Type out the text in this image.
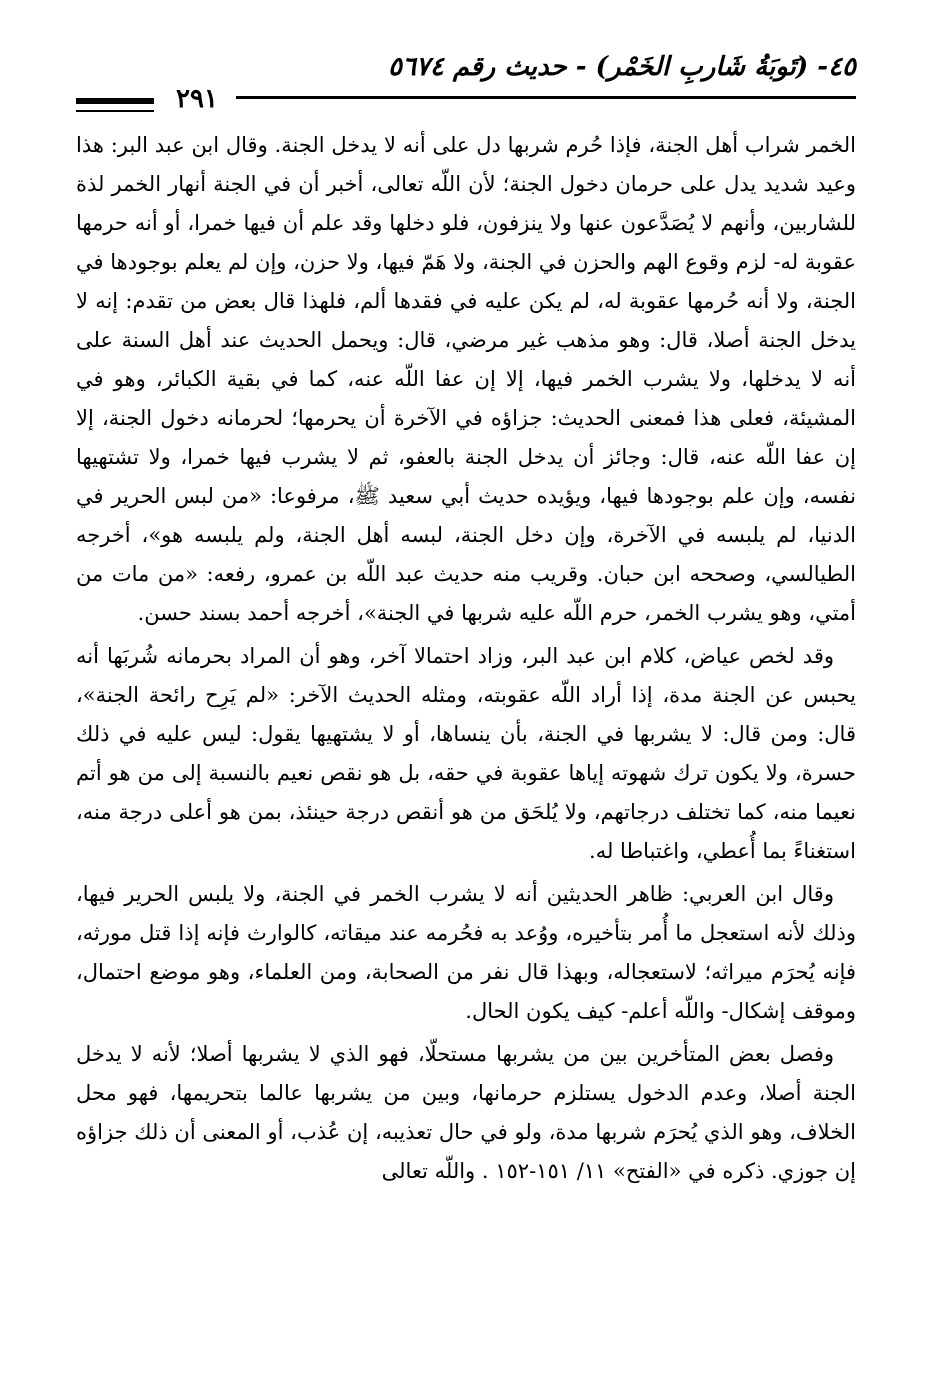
٤٥- (تَوبَةُ شَاربِ الخَمْر) - حديث رقم ٥٦٧٤
٢٩١

الخمر شراب أهل الجنة، فإذا حُرم شربها دل على أنه لا يدخل الجنة. وقال ابن عبد البر: هذا وعيد شديد يدل على حرمان دخول الجنة؛ لأن اللّه تعالى، أخبر أن في الجنة أنهار الخمر لذة للشاربين، وأنهم لا يُصَدَّعون عنها ولا ينزفون، فلو دخلها وقد علم أن فيها خمرا، أو أنه حرمها عقوبة له- لزم وقوع الهم والحزن في الجنة، ولا هَمّ فيها، ولا حزن، وإن لم يعلم بوجودها في الجنة، ولا أنه حُرمها عقوبة له، لم يكن عليه في فقدها ألم، فلهذا قال بعض من تقدم: إنه لا يدخل الجنة أصلا، قال: وهو مذهب غير مرضي، قال: ويحمل الحديث عند أهل السنة على أنه لا يدخلها، ولا يشرب الخمر فيها، إلا إن عفا اللّه عنه، كما في بقية الكبائر، وهو في المشيئة، فعلى هذا فمعنى الحديث: جزاؤه في الآخرة أن يحرمها؛ لحرمانه دخول الجنة، إلا إن عفا اللّه عنه، قال: وجائز أن يدخل الجنة بالعفو، ثم لا يشرب فيها خمرا، ولا تشتهيها نفسه، وإن علم بوجودها فيها، ويؤيده حديث أبي سعيد ﷺ، مرفوعا: «من لبس الحرير في الدنيا، لم يلبسه في الآخرة، وإن دخل الجنة، لبسه أهل الجنة، ولم يلبسه هو»، أخرجه الطيالسي، وصححه ابن حبان. وقريب منه حديث عبد اللّه بن عمرو، رفعه: «من مات من أمتي، وهو يشرب الخمر، حرم اللّه عليه شربها في الجنة»، أخرجه أحمد بسند حسن.

وقد لخص عياض، كلام ابن عبد البر، وزاد احتمالا آخر، وهو أن المراد بحرمانه شُربَها أنه يحبس عن الجنة مدة، إذا أراد اللّه عقوبته، ومثله الحديث الآخر: «لم يَرِح رائحة الجنة»، قال: ومن قال: لا يشربها في الجنة، بأن ينساها، أو لا يشتهيها يقول: ليس عليه في ذلك حسرة، ولا يكون ترك شهوته إياها عقوبة في حقه، بل هو نقص نعيم بالنسبة إلى من هو أتم نعيما منه، كما تختلف درجاتهم، ولا يُلحَق من هو أنقص درجة حينئذ، بمن هو أعلى درجة منه، استغناءً بما أُعطي، واغتباطا له.

وقال ابن العربي: ظاهر الحديثين أنه لا يشرب الخمر في الجنة، ولا يلبس الحرير فيها، وذلك لأنه استعجل ما أُمر بتأخيره، ووُعد به فحُرمه عند ميقاته، كالوارث فإنه إذا قتل مورثه، فإنه يُحرَم ميراثه؛ لاستعجاله، وبهذا قال نفر من الصحابة، ومن العلماء، وهو موضع احتمال، وموقف إشكال- واللّه أعلم- كيف يكون الحال.

وفصل بعض المتأخرين بين من يشربها مستحلّا، فهو الذي لا يشربها أصلا؛ لأنه لا يدخل الجنة أصلا، وعدم الدخول يستلزم حرمانها، وبين من يشربها عالما بتحريمها، فهو محل الخلاف، وهو الذي يُحرَم شربها مدة، ولو في حال تعذيبه، إن عُذب، أو المعنى أن ذلك جزاؤه إن جوزي. ذكره في «الفتح» ١١/ ١٥١-١٥٢ . واللّه تعالى
